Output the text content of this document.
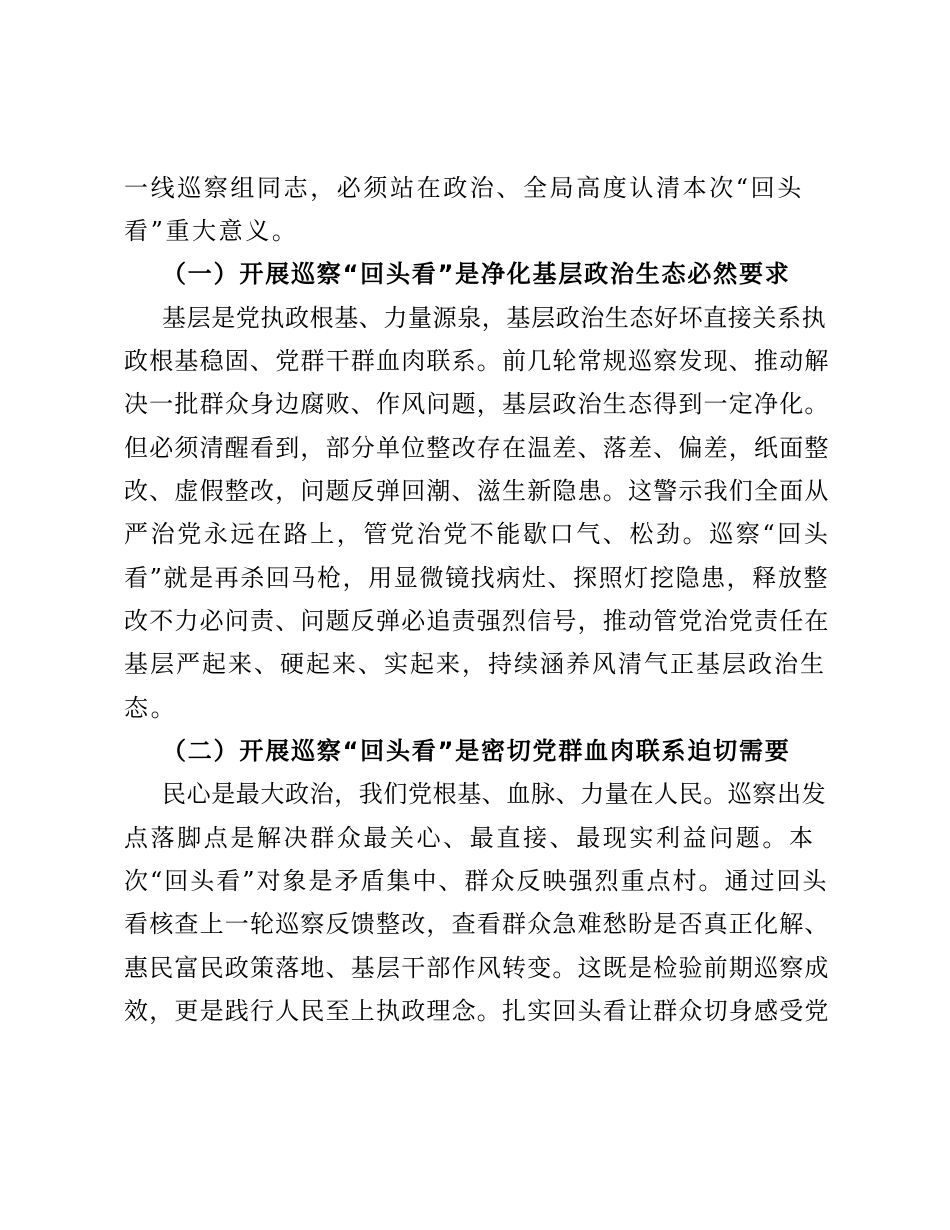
一线巡察组同志，必须站在政治、全局高度认清本次“回头
看”重大意义。
（一）开展巡察“回头看”是净化基层政治生态必然要求
基层是党执政根基、力量源泉，基层政治生态好坏直接关系执
政根基稳固、党群干群血肉联系。前几轮常规巡察发现、推动解
决一批群众身边腐败、作风问题，基层政治生态得到一定净化。
但必须清醒看到，部分单位整改存在温差、落差、偏差，纸面整
改、虚假整改，问题反弹回潮、滋生新隐患。这警示我们全面从
严治党永远在路上，管党治党不能歇口气、松劲。巡察“回头
看”就是再杀回马枪，用显微镜找病灶、探照灯挖隐患，释放整
改不力必问责、问题反弹必追责强烈信号，推动管党治党责任在
基层严起来、硬起来、实起来，持续涵养风清气正基层政治生
态。
（二）开展巡察“回头看”是密切党群血肉联系迫切需要
民心是最大政治，我们党根基、血脉、力量在人民。巡察出发
点落脚点是解决群众最关心、最直接、最现实利益问题。本
次“回头看”对象是矛盾集中、群众反映强烈重点村。通过回头
看核查上一轮巡察反馈整改，查看群众急难愁盼是否真正化解、
惠民富民政策落地、基层干部作风转变。这既是检验前期巡察成
效，更是践行人民至上执政理念。扎实回头看让群众切身感受党
